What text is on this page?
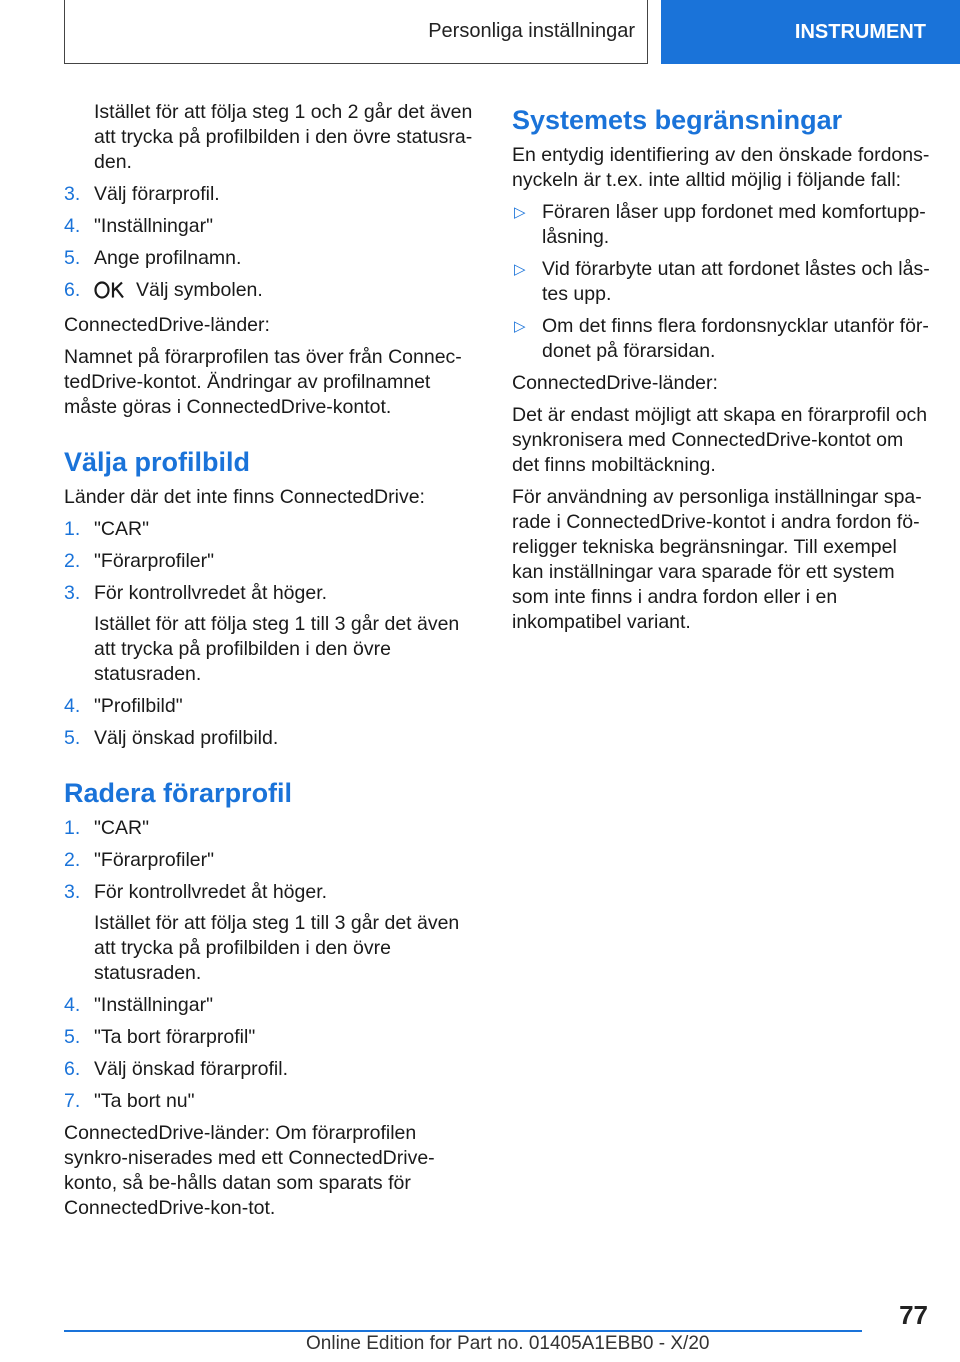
Personliga inställningar	INSTRUMENT

Istället för att följa steg 1 och 2 går det även att trycka på profilbilden i den övre statusra-den.

3. Välj förarprofil.
4. "Inställningar"
5. Ange profilnamn.
6.	Välj symbolen.

ConnectedDrive-länder:

Namnet på förarprofilen tas över från Connec-tedDrive-kontot. Ändringar av profilnamnet måste göras i ConnectedDrive-kontot.

Välja profilbild

Länder där det inte finns ConnectedDrive:

1. "CAR"
2. "Förarprofiler"
3. För kontrollvredet åt höger.
Istället för att följa steg 1 till 3 går det även att trycka på profilbilden i den övre statusraden.
4. "Profilbild"
5. Välj önskad profilbild.
Radera förarprofil
1. "CAR"
2. "Förarprofiler"
3. För kontrollvredet åt höger.
Istället för att följa steg 1 till 3 går det även att trycka på profilbilden i den övre statusraden.
4. "Inställningar"
5. "Ta bort förarprofil"
6. Välj önskad förarprofil.
7. "Ta bort nu"

ConnectedDrive-länder: Om förarprofilen synkro-niserades med ett ConnectedDrive-konto, så be-hålls datan som sparats för ConnectedDrive-kon-tot.

Systemets begränsningar

En entydig identifiering av den önskade fordons-nyckeln är t.ex. inte alltid möjlig i följande fall:

▷ Föraren låser upp fordonet med komfortupp-låsning.
▷ Vid förarbyte utan att fordonet låstes och lås-tes upp.
▷ Om det finns flera fordonsnycklar utanför för-donet på förarsidan.

ConnectedDrive-länder:

Det är endast möjligt att skapa en förarprofil och synkronisera med ConnectedDrive-kontot om det finns mobiltäckning.

För användning av personliga inställningar spa-rade i ConnectedDrive-kontot i andra fordon fö-religger tekniska begränsningar. Till exempel kan inställningar vara sparade för ett system som inte finns i andra fordon eller i en inkompatibel variant.

77
Online Edition for Part no. 01405A1EBB0 - X/20
